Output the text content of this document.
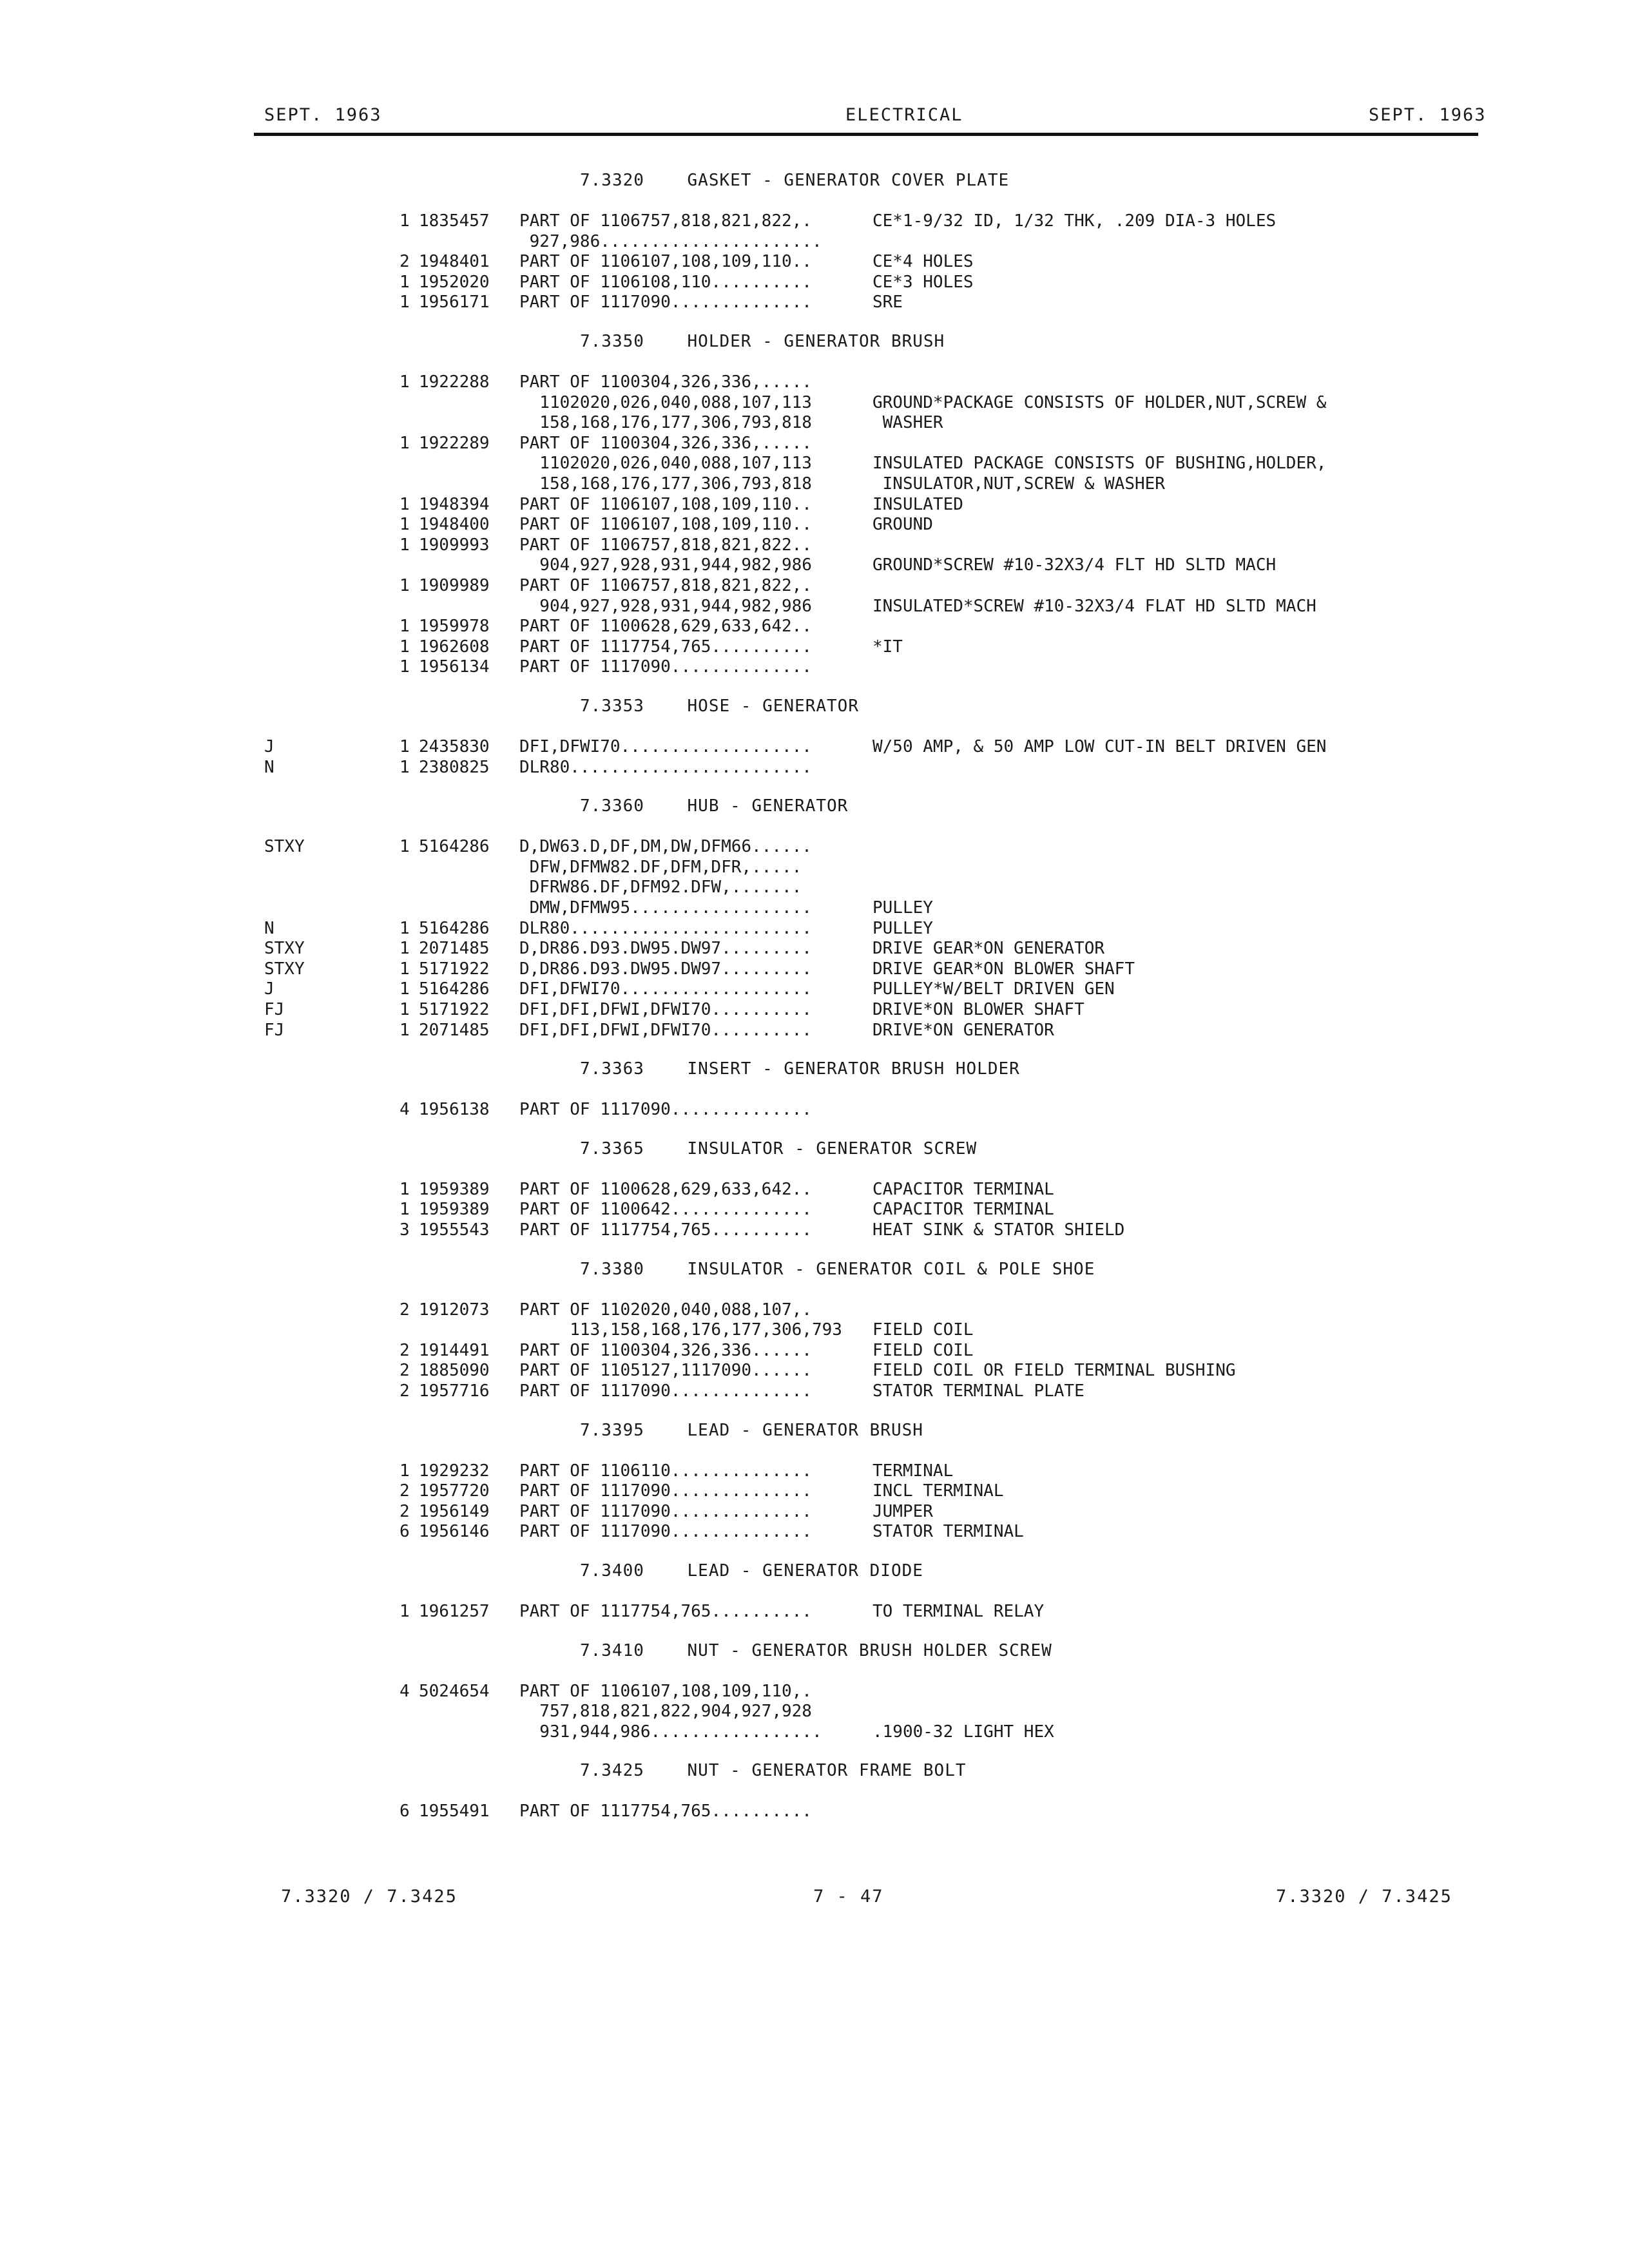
SEPT. 1963	ELECTRICAL	SEPT. 1963
7.3320    GASKET - GENERATOR COVER PLATE
1 1835457 PART OF 1106757,818,821,822,.	CE*1-9/32 ID, 1/32 THK, .209 DIA-3 HOLES
927,986......................
2 1948401 PART OF 1106107,108,109,110..	CE*4 HOLES
1 1952020 PART OF 1106108,110..........	CE*3 HOLES
1 1956171 PART OF 1117090..............	SRE
7.3350    HOLDER - GENERATOR BRUSH
1 1922288 PART OF 1100304,326,336,.....
1102020,026,040,088,107,113	GROUND*PACKAGE CONSISTS OF HOLDER,NUT,SCREW &
158,168,176,177,306,793,818	WASHER
1 1922289 PART OF 1100304,326,336,.....
1102020,026,040,088,107,113	INSULATED PACKAGE CONSISTS OF BUSHING,HOLDER,
158,168,176,177,306,793,818	INSULATOR,NUT,SCREW & WASHER
1 1948394 PART OF 1106107,108,109,110..	INSULATED
1 1948400 PART OF 1106107,108,109,110..	GROUND
1 1909993 PART OF 1106757,818,821,822..
904,927,928,931,944,982,986	GROUND*SCREW #10-32X3/4 FLT HD SLTD MACH
1 1909989 PART OF 1106757,818,821,822,.
904,927,928,931,944,982,986	INSULATED*SCREW #10-32X3/4 FLAT HD SLTD MACH
1 1959978 PART OF 1100628,629,633,642..
1 1962608 PART OF 1117754,765..........	*IT
1 1956134 PART OF 1117090..............
7.3353    HOSE - GENERATOR
J	1 2435830 DFI,DFWI70...................	W/50 AMP, & 50 AMP LOW CUT-IN BELT DRIVEN GEN
N	1 2380825 DLR80........................
7.3360    HUB - GENERATOR
STXY	1 5164286 D,DW63.D,DF,DM,DW,DFM66......
DFW,DFMW82.DF,DFM,DFR,.....
DFRW86.DF,DFM92.DFW,.......
DMW,DFMW95..................	PULLEY
N	1 5164286 DLR80........................	PULLEY
STXY	1 2071485 D,DR86.D93.DW95.DW97.........	DRIVE GEAR*ON GENERATOR
STXY	1 5171922 D,DR86.D93.DW95.DW97.........	DRIVE GEAR*ON BLOWER SHAFT
J	1 5164286 DFI,DFWI70...................	PULLEY*W/BELT DRIVEN GEN
FJ	1 5171922 DFI,DFI,DFWI,DFWI70..........	DRIVE*ON BLOWER SHAFT
FJ	1 2071485 DFI,DFI,DFWI,DFWI70..........	DRIVE*ON GENERATOR
7.3363    INSERT - GENERATOR BRUSH HOLDER
4 1956138 PART OF 1117090..............
7.3365    INSULATOR - GENERATOR SCREW
1 1959389 PART OF 1100628,629,633,642..	CAPACITOR TERMINAL
1 1959389 PART OF 1100642..............	CAPACITOR TERMINAL
3 1955543 PART OF 1117754,765..........	HEAT SINK & STATOR SHIELD
7.3380    INSULATOR - GENERATOR COIL & POLE SHOE
2 1912073 PART OF 1102020,040,088,107,.
113,158,168,176,177,306,793 FIELD COIL
2 1914491 PART OF 1100304,326,336......	FIELD COIL
2 1885090 PART OF 1105127,1117090......	FIELD COIL OR FIELD TERMINAL BUSHING
2 1957716 PART OF 1117090..............	STATOR TERMINAL PLATE
7.3395    LEAD - GENERATOR BRUSH
1 1929232 PART OF 1106110..............	TERMINAL
2 1957720 PART OF 1117090..............	INCL TERMINAL
2 1956149 PART OF 1117090..............	JUMPER
6 1956146 PART OF 1117090..............	STATOR TERMINAL
7.3400    LEAD - GENERATOR DIODE
1 1961257 PART OF 1117754,765..........	TO TERMINAL RELAY
7.3410    NUT - GENERATOR BRUSH HOLDER SCREW
4 5024654 PART OF 1106107,108,109,110,.
757,818,821,822,904,927,928
931,944,986.................	.1900-32 LIGHT HEX
7.3425    NUT - GENERATOR FRAME BOLT
6 1955491 PART OF 1117754,765..........
7.3320 / 7.3425	7 - 47	7.3320 / 7.3425
